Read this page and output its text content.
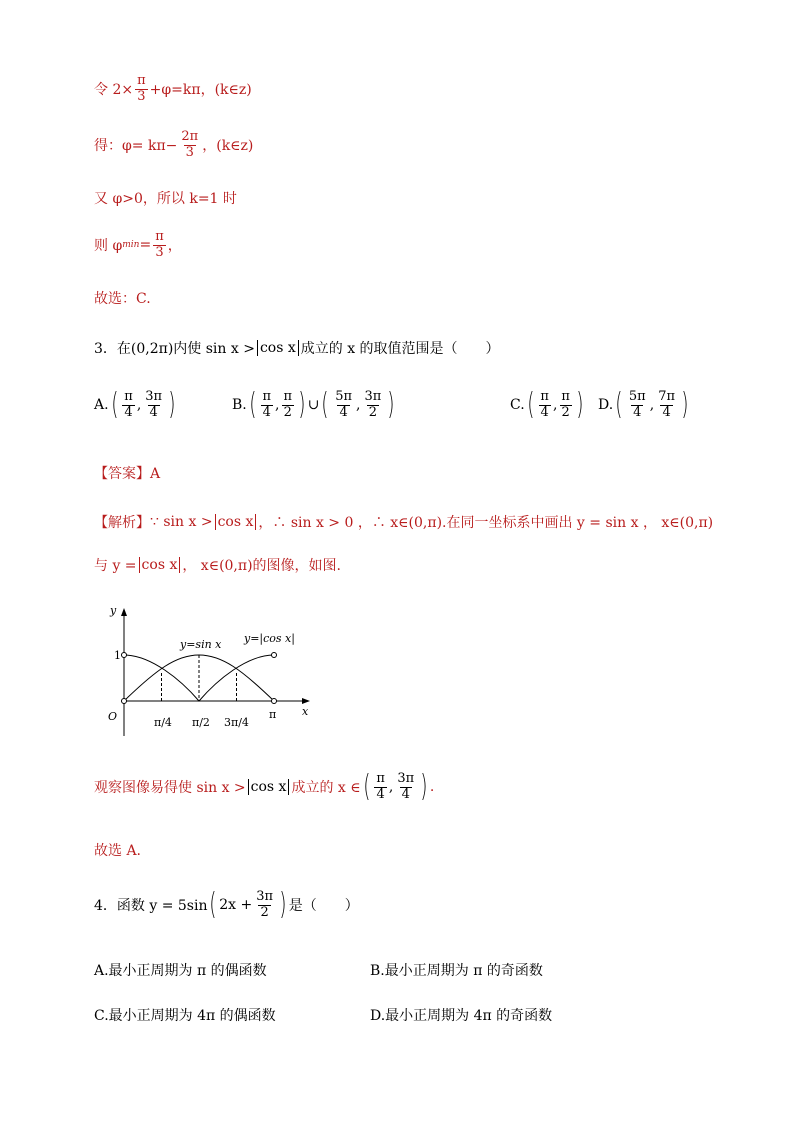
令 $2\times \frac{\pi}{3} +\varphi=k\pi$，(k∈z)
得：$\varphi= k\pi- \frac{2\pi}{3}$ ，(k∈z)
又 φ>0，所以 k=1 时
则 φ $\min = \frac{\pi}{3}$ ，
故选：C.
3．在(0,2π)内使 sin x > cos x 成立的 x 的取值范围是（　　）
A. ( $\frac{\pi}{4}$ , $\frac{3\pi}{4}$ )	B. ( $\frac{\pi}{4}$ , $\frac{\pi}{2}$ ) ∪ ( $\frac{5\pi}{4}$ , $\frac{3\pi}{2}$ )	C. ( $\frac{\pi}{4}$ , $\frac{\pi}{2}$ ) D. ( $\frac{5\pi}{4}$ , $\frac{7\pi}{4}$ )
【答案】A
【解析】 ∵ sin x > cos x ，∴ sin x > 0 ，∴ x∈(0,π).在同一坐标系中画出 y = sin x ， x∈(0,π)
与 y = cos x ， x∈(0,π)的图像，如图.
y
x
O
1
y=sin x y=|cos x|
π/4 π/2 3π/4
π
观察图像易得使 sin x > cos x 成立的 x ∈ ( $\frac{\pi}{4}$ , $\frac{3\pi}{4}$ ) .
故选 A.
4．函数 y = 5sin ( $2x + \frac{3\pi}{2}$ ) 是（　　）
A.最小正周期为 π 的偶函数	B.最小正周期为 π 的奇函数
C.最小正周期为 4π 的偶函数	D.最小正周期为 4π 的奇函数
